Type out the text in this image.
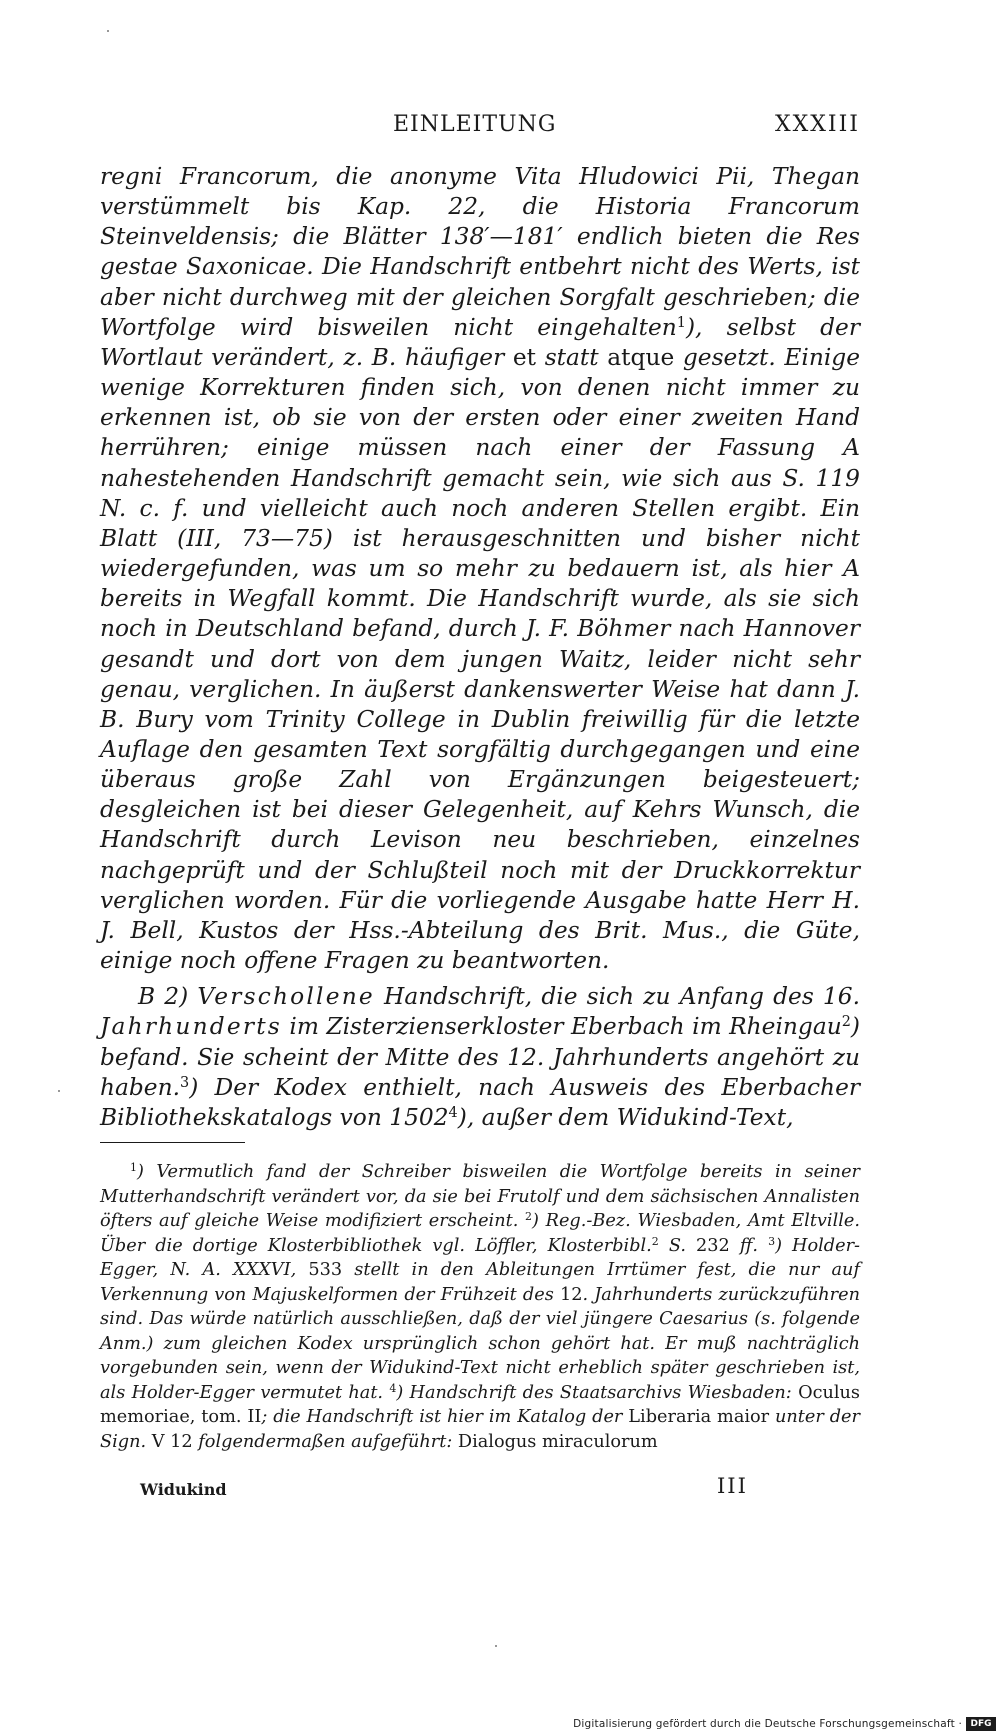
EINLEITUNG	XXXIII

regni Francorum, die anonyme Vita Hludowici Pii, Thegan verstümmelt bis Kap. 22, die Historia Francorum Steinveldensis; die Blätter 138′—181′ endlich bieten die Res gestae Saxonicae. Die Handschrift entbehrt nicht des Werts, ist aber nicht durchweg mit der gleichen Sorgfalt geschrieben; die Wortfolge wird bisweilen nicht eingehalten$^1$), selbst der Wortlaut verändert, z. B. häufiger et statt atque gesetzt. Einige wenige Korrekturen finden sich, von denen nicht immer zu erkennen ist, ob sie von der ersten oder einer zweiten Hand herrühren; einige müssen nach einer der Fassung A nahestehenden Handschrift gemacht sein, wie sich aus S. 119 N. c. f. und vielleicht auch noch anderen Stellen ergibt. Ein Blatt (III, 73—75) ist herausgeschnitten und bisher nicht wiedergefunden, was um so mehr zu bedauern ist, als hier A bereits in Wegfall kommt. Die Handschrift wurde, als sie sich noch in Deutschland befand, durch J. F. Böhmer nach Hannover gesandt und dort von dem jungen Waitz, leider nicht sehr genau, verglichen. In äußerst dankenswerter Weise hat dann J. B. Bury vom Trinity College in Dublin freiwillig für die letzte Auflage den gesamten Text sorgfältig durchgegangen und eine überaus große Zahl von Ergänzungen beigesteuert; desgleichen ist bei dieser Gelegenheit, auf Kehrs Wunsch, die Handschrift durch Levison neu beschrieben, einzelnes nachgeprüft und der Schlußteil noch mit der Druckkorrektur verglichen worden. Für die vorliegende Ausgabe hatte Herr H. J. Bell, Kustos der Hss.-Abteilung des Brit. Mus., die Güte, einige noch offene Fragen zu beantworten.

B 2) Verschollene Handschrift, die sich zu Anfang des 16. Jahrhunderts im Zisterzienserkloster Eberbach im Rheingau$^2$) befand. Sie scheint der Mitte des 12. Jahrhunderts angehört zu haben.$^3$) Der Kodex enthielt, nach Ausweis des Eberbacher Bibliothekskatalogs von 1502$^4$), außer dem Widukind-Text,

$^1$) Vermutlich fand der Schreiber bisweilen die Wortfolge bereits in seiner Mutterhandschrift verändert vor, da sie bei Frutolf und dem sächsischen Annalisten öfters auf gleiche Weise modifiziert erscheint. $^2$) Reg.-Bez. Wiesbaden, Amt Eltville. Über die dortige Klosterbibliothek vgl. Löffler, Klosterbibl.$^2$ S. 232 ff. $^3$) Holder-Egger, N. A. XXXVI, 533 stellt in den Ableitungen Irrtümer fest, die nur auf Verkennung von Majuskelformen der Frühzeit des 12. Jahrhunderts zurückzuführen sind. Das würde natürlich ausschließen, daß der viel jüngere Caesarius (s. folgende Anm.) zum gleichen Kodex ursprünglich schon gehört hat. Er muß nachträglich vorgebunden sein, wenn der Widukind-Text nicht erheblich später geschrieben ist, als Holder-Egger vermutet hat. $^4$) Handschrift des Staatsarchivs Wiesbaden: Oculus memoriae, tom. II; die Handschrift ist hier im Katalog der Liberaria maior unter der Sign. V 12 folgendermaßen aufgeführt: Dialogus miraculorum

Widukind	III
Digitalisierung gefördert durch die Deutsche Forschungsgemeinschaft · DFG
